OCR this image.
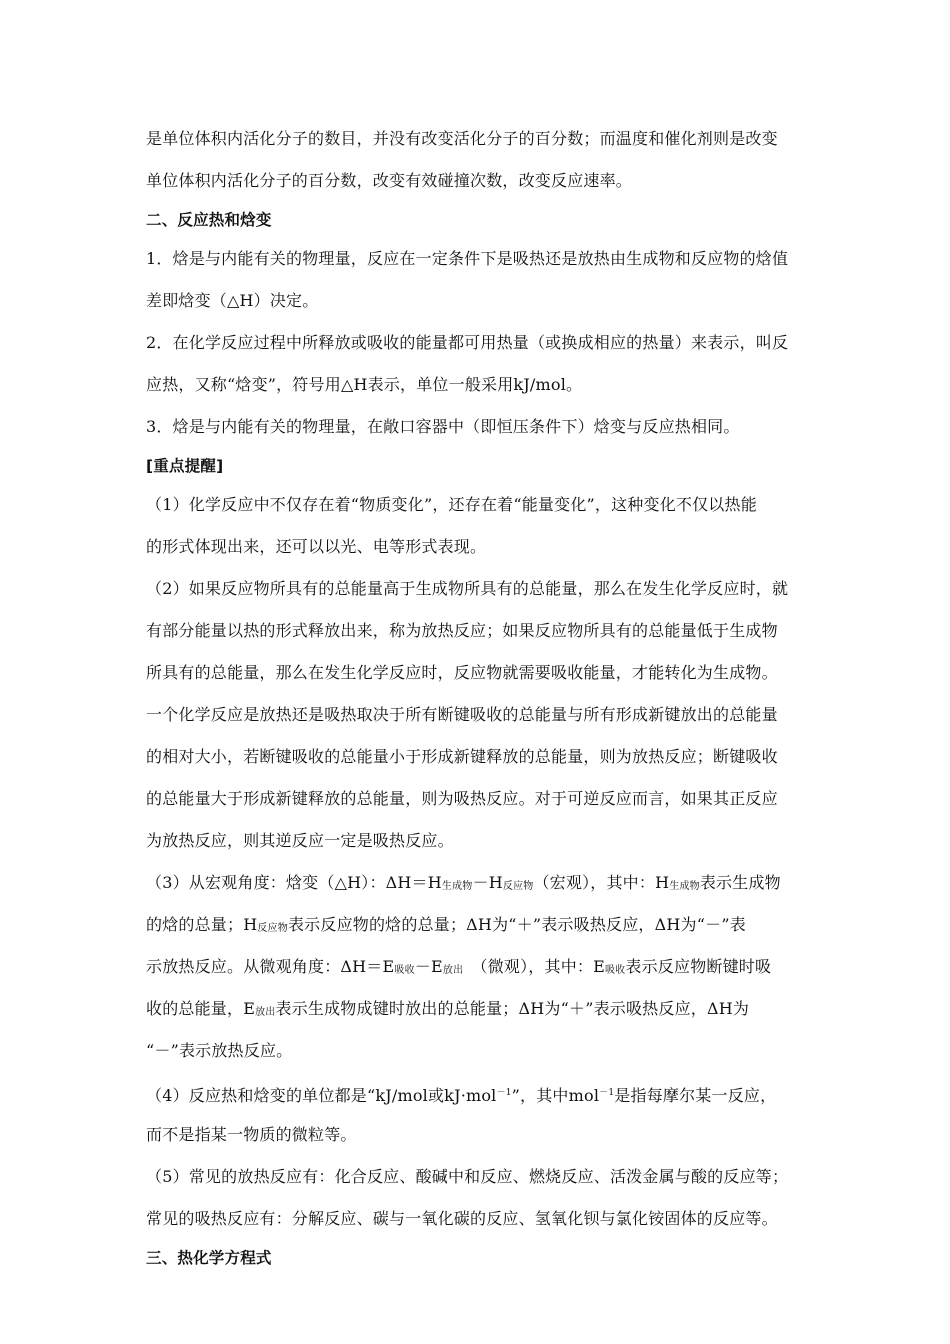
是单位体积内活化分子的数目，并没有改变活化分子的百分数；而温度和催化剂则是改变
单位体积内活化分子的百分数，改变有效碰撞次数，改变反应速率。
二、反应热和焓变
1．焓是与内能有关的物理量，反应在一定条件下是吸热还是放热由生成物和反应物的焓值
差即焓变（△H）决定。
2．在化学反应过程中所释放或吸收的能量都可用热量（或换成相应的热量）来表示，叫反
应热，又称“焓变”，符号用△H表示，单位一般采用kJ/mol。
3．焓是与内能有关的物理量，在敞口容器中（即恒压条件下）焓变与反应热相同。
[重点提醒]
（1）化学反应中不仅存在着“物质变化”，还存在着“能量变化”，这种变化不仅以热能
的形式体现出来，还可以以光、电等形式表现。
（2）如果反应物所具有的总能量高于生成物所具有的总能量，那么在发生化学反应时，就
有部分能量以热的形式释放出来，称为放热反应；如果反应物所具有的总能量低于生成物
所具有的总能量，那么在发生化学反应时，反应物就需要吸收能量，才能转化为生成物。
一个化学反应是放热还是吸热取决于所有断键吸收的总能量与所有形成新键放出的总能量
的相对大小，若断键吸收的总能量小于形成新键释放的总能量，则为放热反应；断键吸收
的总能量大于形成新键释放的总能量，则为吸热反应。对于可逆反应而言，如果其正反应
为放热反应，则其逆反应一定是吸热反应。
（3）从宏观角度：焓变（△H）：ΔH＝H生成物－H反应物（宏观），其中：H生成物表示生成物
的焓的总量；H反应物表示反应物的焓的总量；ΔH为“＋”表示吸热反应，ΔH为“－”表
示放热反应。从微观角度：ΔH＝E吸收－E放出　（微观），其中：E吸收表示反应物断键时吸
收的总能量，E放出表示生成物成键时放出的总能量；ΔH为“＋”表示吸热反应，ΔH为
“－”表示放热反应。
（4）反应热和焓变的单位都是“kJ/mol或kJ·mol$^{-1}$”，其中mol$^{-1}$是指每摩尔某一反应，
而不是指某一物质的微粒等。
（5）常见的放热反应有：化合反应、酸碱中和反应、燃烧反应、活泼金属与酸的反应等；
常见的吸热反应有：分解反应、碳与一氧化碳的反应、氢氧化钡与氯化铵固体的反应等。
三、热化学方程式
